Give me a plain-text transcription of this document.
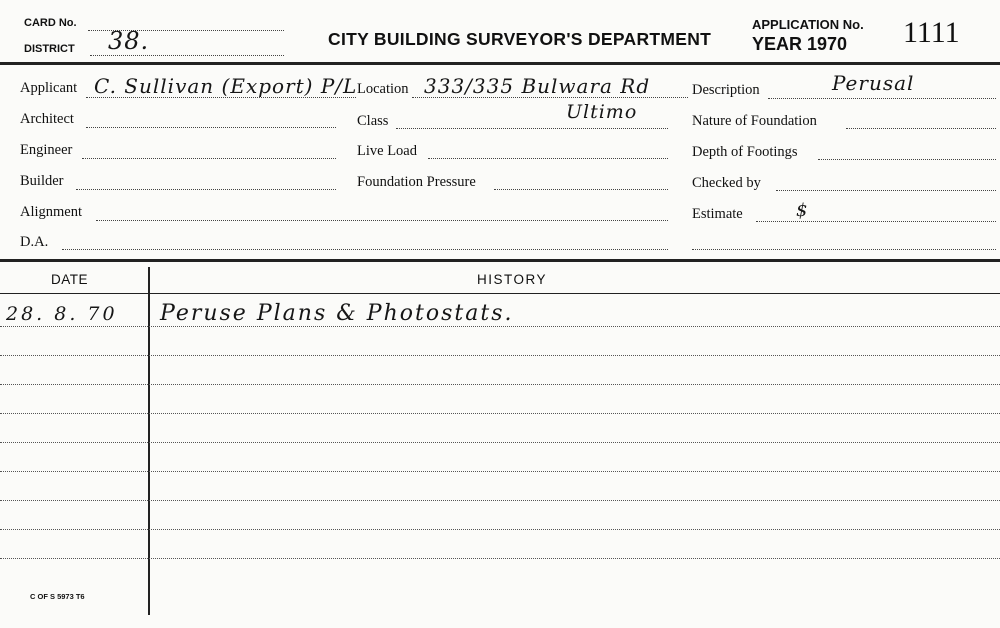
CARD No.
DISTRICT 38.	CITY BUILDING SURVEYOR'S DEPARTMENT
APPLICATION No.
YEAR 1970 1111
Applicant C. Sullivan (Export) P/L
Architect
Engineer
Builder
Alignment
D.A.
Location 333/335 Bulwara Rd
Class	Ultimo
Live Load
Foundation Pressure
Description	Perusal
Nature of Foundation
Depth of Footings
Checked by
Estimate	$
DATE	HISTORY
28. 8. 70 Peruse Plans & Photostats.
C OF S 5973 T6
